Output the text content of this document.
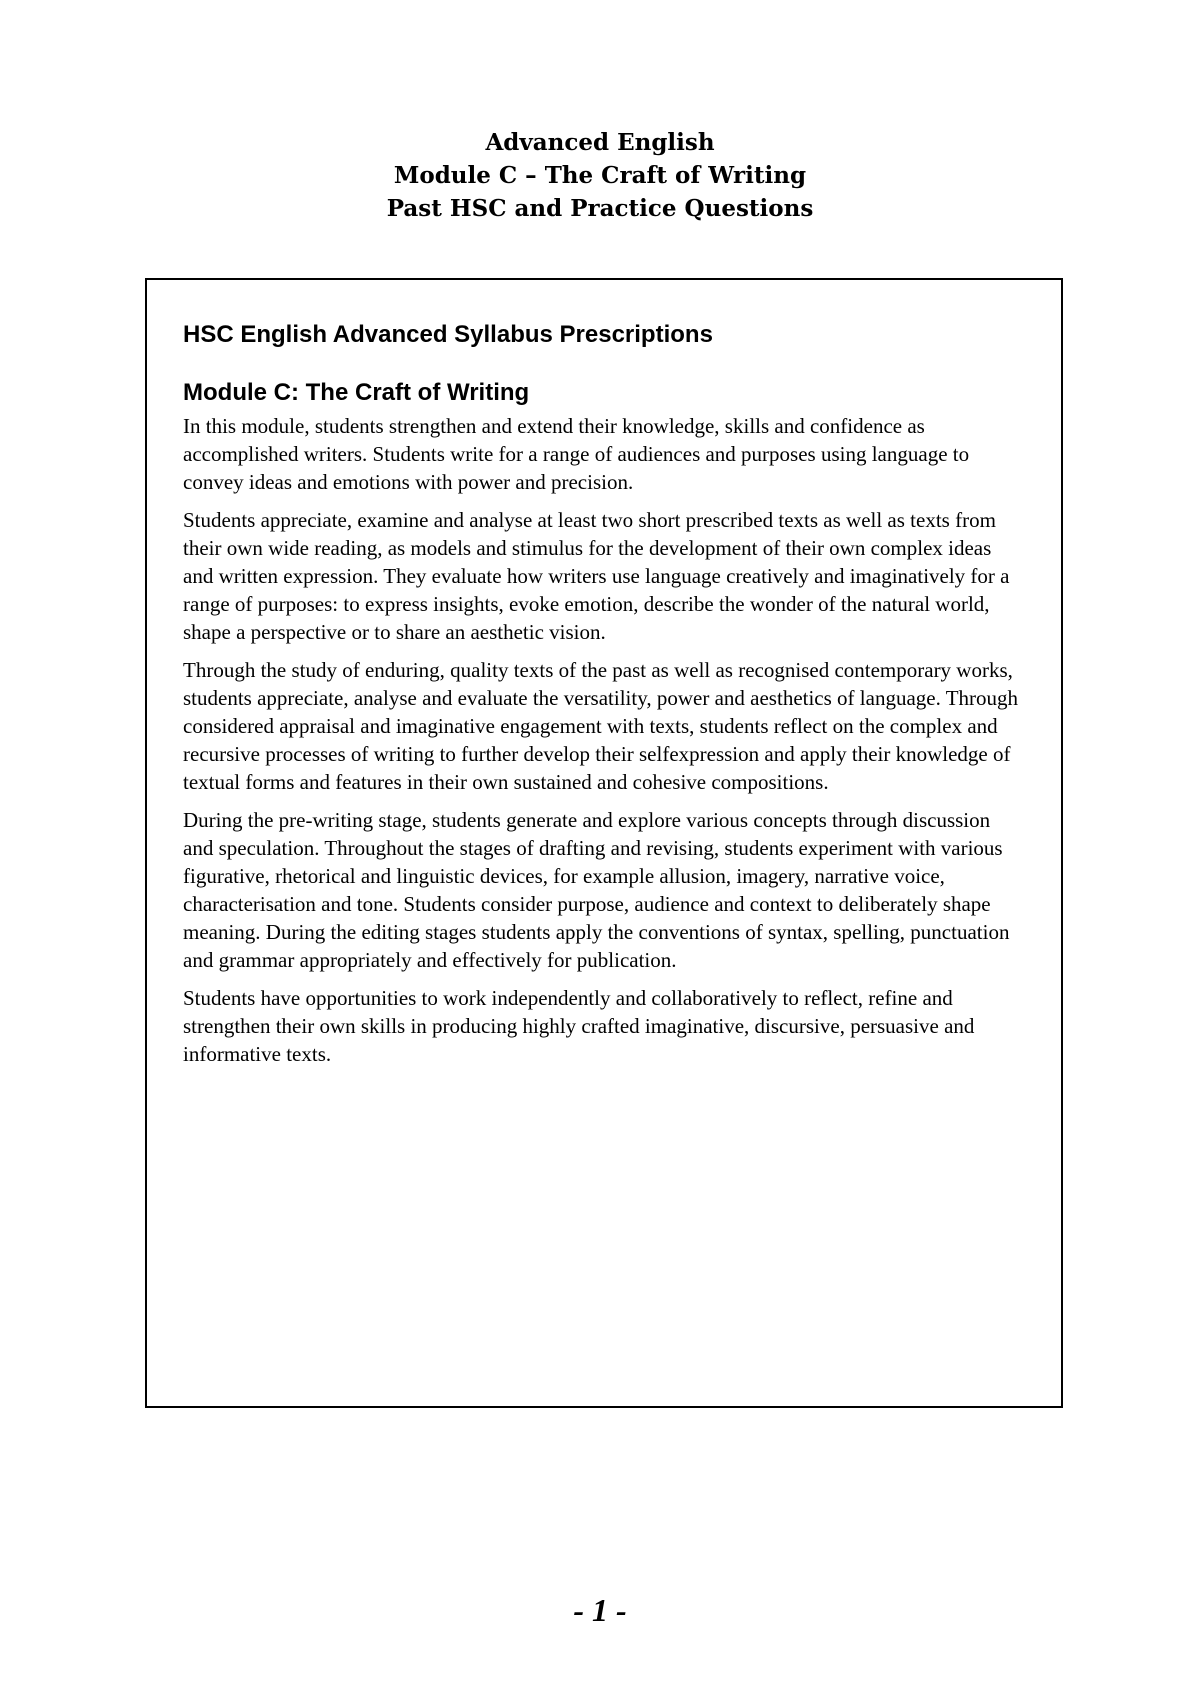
Advanced English
Module C – The Craft of Writing
Past HSC and Practice Questions
HSC English Advanced Syllabus Prescriptions
Module C: The Craft of Writing

In this module, students strengthen and extend their knowledge, skills and confidence as accomplished writers. Students write for a range of audiences and purposes using language to convey ideas and emotions with power and precision.

Students appreciate, examine and analyse at least two short prescribed texts as well as texts from their own wide reading, as models and stimulus for the development of their own complex ideas and written expression. They evaluate how writers use language creatively and imaginatively for a range of purposes: to express insights, evoke emotion, describe the wonder of the natural world, shape a perspective or to share an aesthetic vision.

Through the study of enduring, quality texts of the past as well as recognised contemporary works, students appreciate, analyse and evaluate the versatility, power and aesthetics of language. Through considered appraisal and imaginative engagement with texts, students reflect on the complex and recursive processes of writing to further develop their selfexpression and apply their knowledge of textual forms and features in their own sustained and cohesive compositions.

During the pre-writing stage, students generate and explore various concepts through discussion and speculation. Throughout the stages of drafting and revising, students experiment with various figurative, rhetorical and linguistic devices, for example allusion, imagery, narrative voice, characterisation and tone. Students consider purpose, audience and context to deliberately shape meaning. During the editing stages students apply the conventions of syntax, spelling, punctuation and grammar appropriately and effectively for publication.

Students have opportunities to work independently and collaboratively to reflect, refine and strengthen their own skills in producing highly crafted imaginative, discursive, persuasive and informative texts.

- 1 -
